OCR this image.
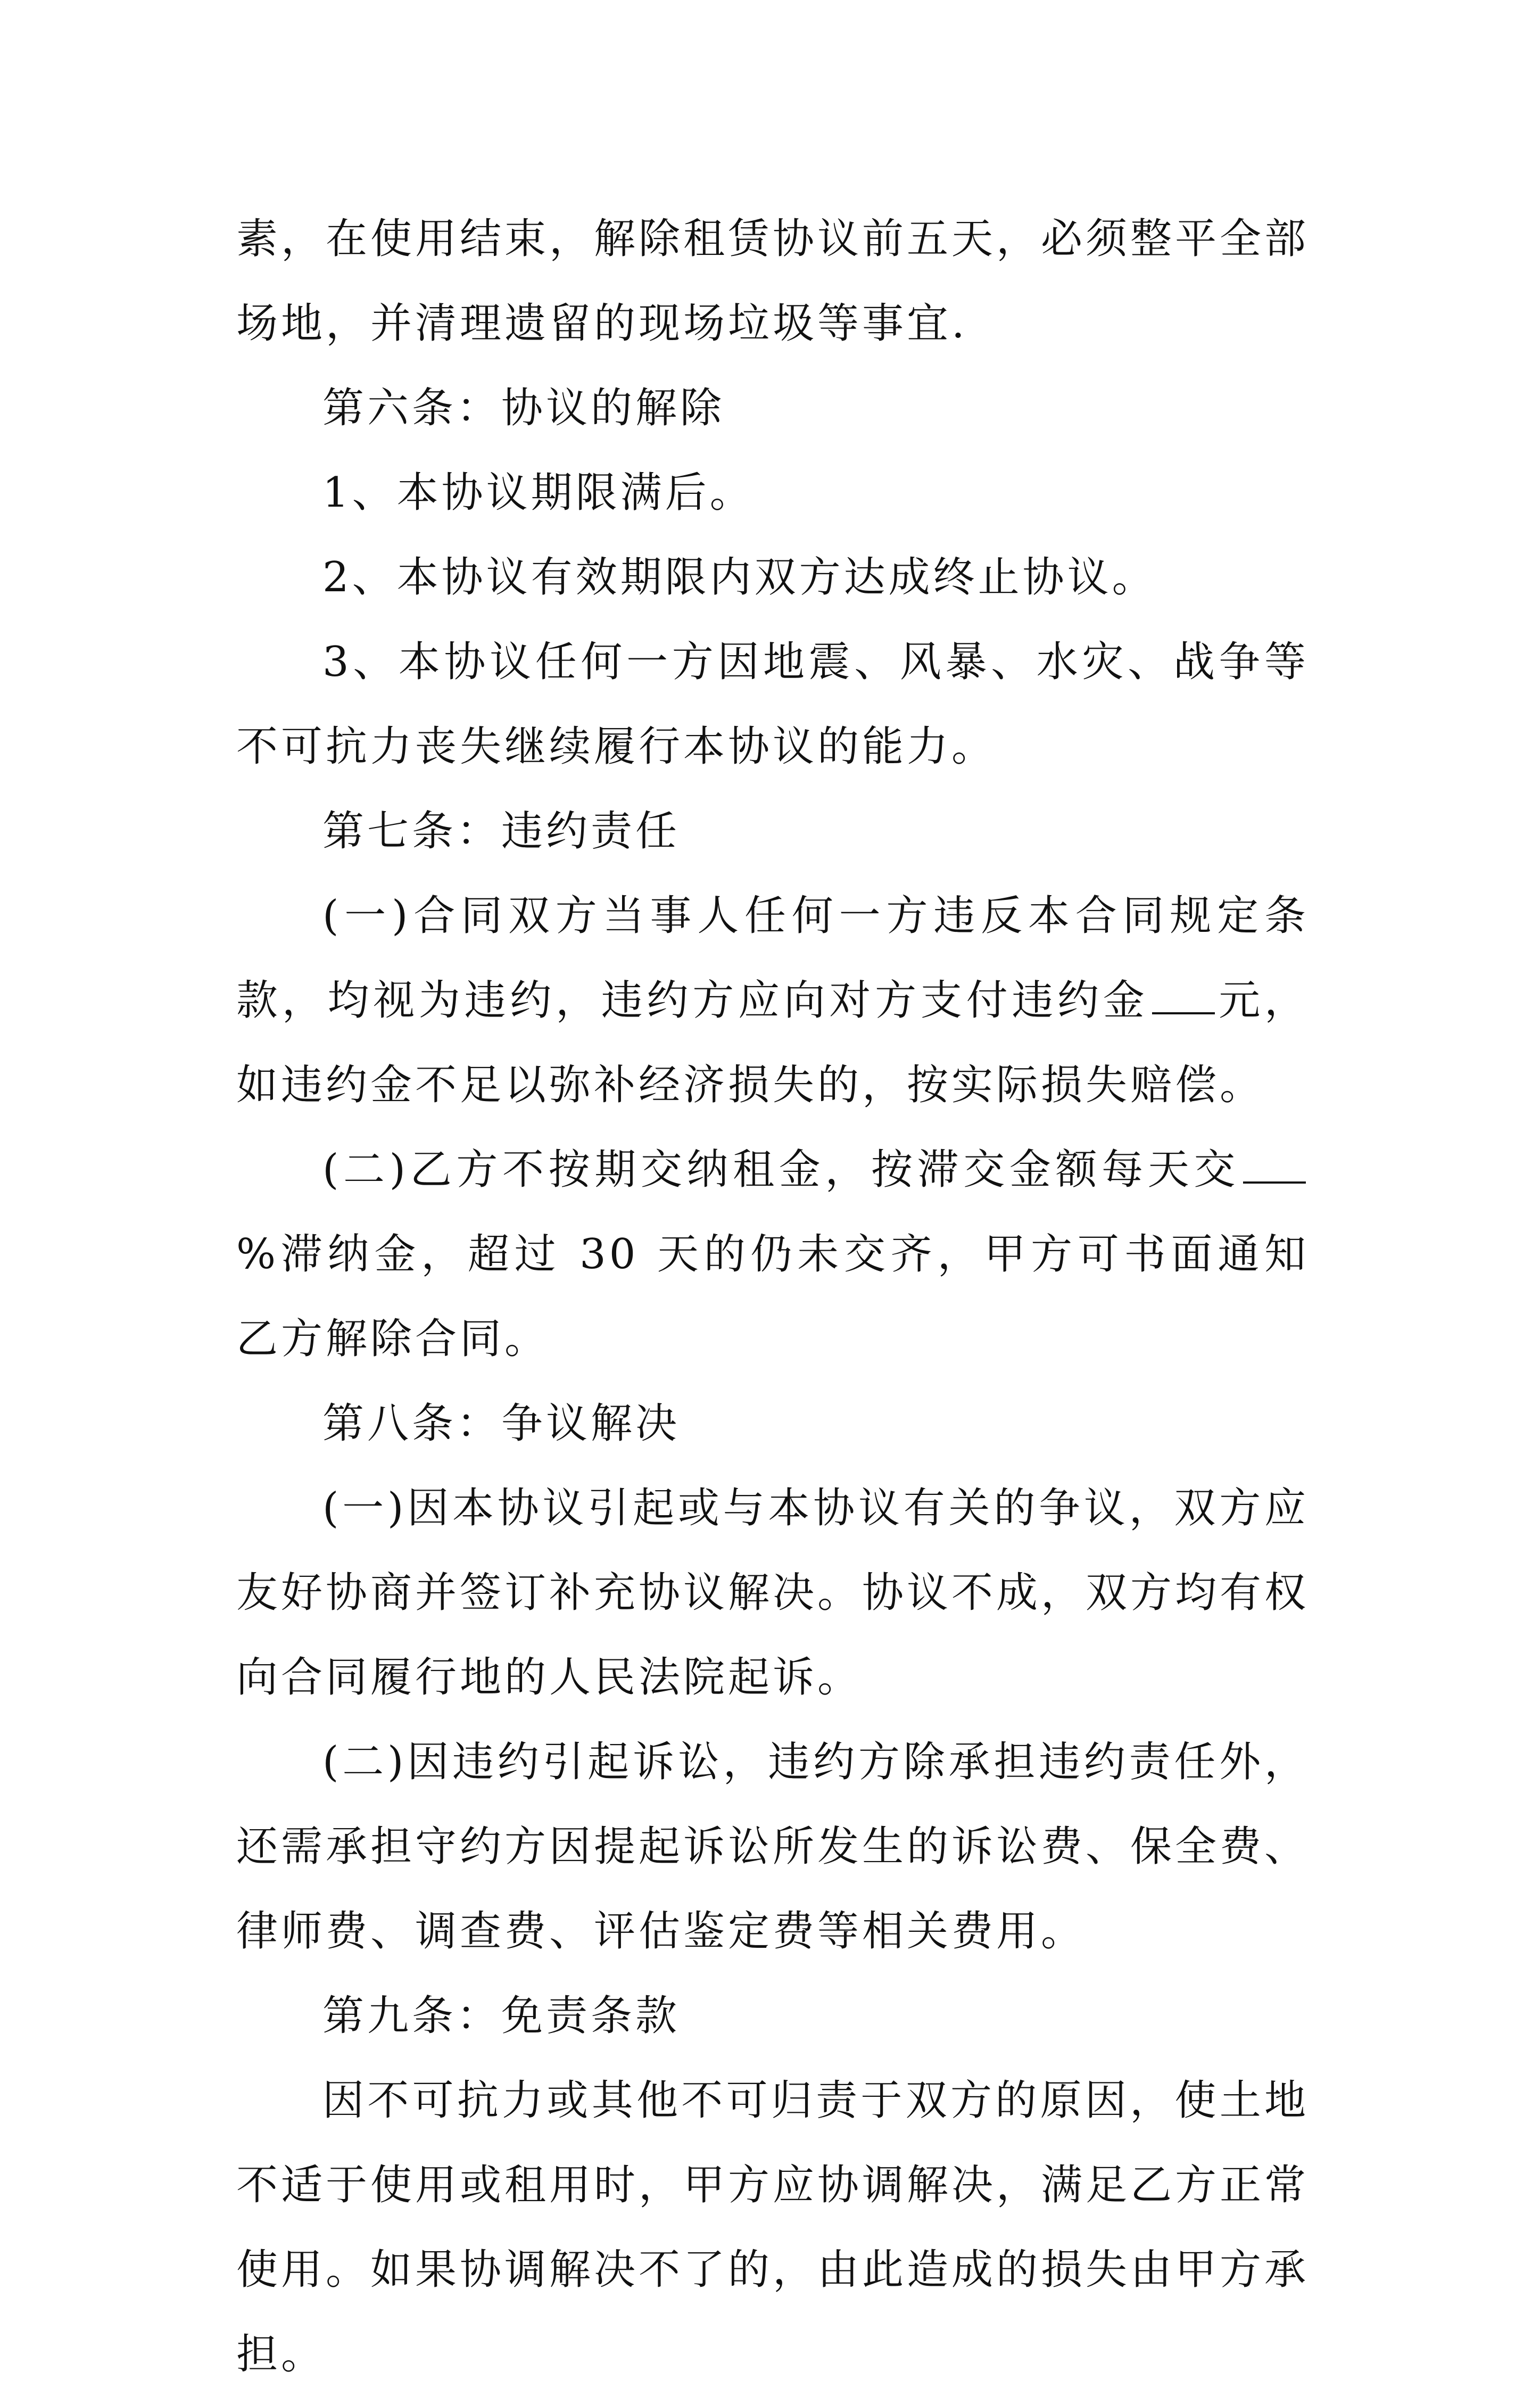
素，在使用结束，解除租赁协议前五天，必须整平全部场地，并清理遗留的现场垃圾等事宜.

第六条：协议的解除

1、本协议期限满后。

2、本协议有效期限内双方达成终止协议。

3、本协议任何一方因地震、风暴、水灾、战争等不可抗力丧失继续履行本协议的能力。

第七条：违约责任

(一)合同双方当事人任何一方违反本合同规定条款，均视为违约，违约方应向对方支付违约金 元，如违约金不足以弥补经济损失的，按实际损失赔偿。

(二)乙方不按期交纳租金，按滞交金额每天交%滞纳金，超过 30 天的仍未交齐，甲方可书面通知乙方解除合同。

第八条：争议解决

(一)因本协议引起或与本协议有关的争议，双方应友好协商并签订补充协议解决。协议不成，双方均有权向合同履行地的人民法院起诉。

(二)因违约引起诉讼，违约方除承担违约责任外，还需承担守约方因提起诉讼所发生的诉讼费、保全费、律师费、调查费、评估鉴定费等相关费用。

第九条：免责条款

因不可抗力或其他不可归责于双方的原因，使土地不适于使用或租用时，甲方应协调解决，满足乙方正常使用。如果协调解决不了的，由此造成的损失由甲方承担。
